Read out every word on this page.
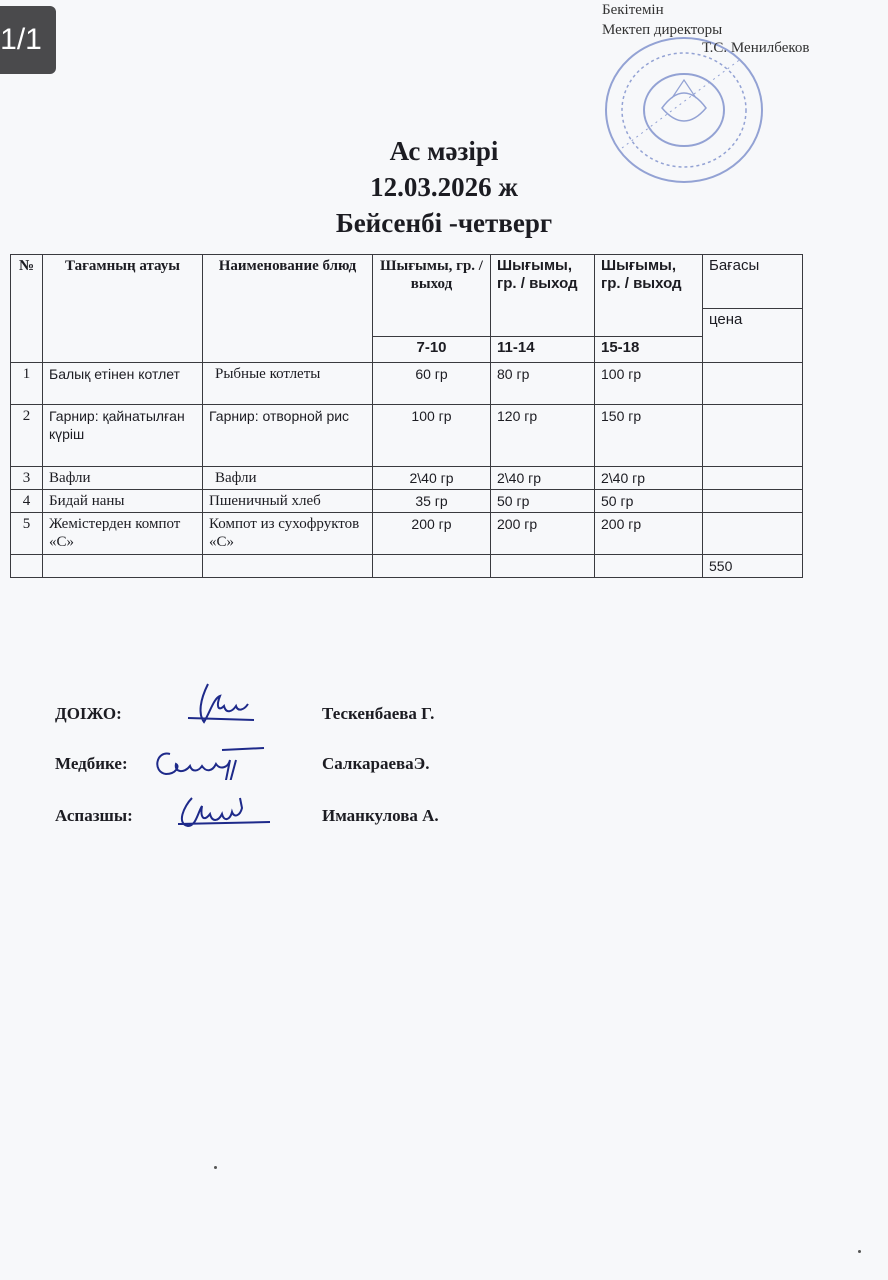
1/1
Бекітемін
Мектеп директоры
Т.С. Менилбеков
Ас мәзірі
12.03.2026 ж
Бейсенбі -четверг
№	Тағамның атауы	Наименование блюд	Шығымы, гр. / выход	Шығымы, гр. / выход	Шығымы, гр. / выход	Бағасы
						цена
			7-10	11-14	15-18	
1	Балық етінен котлет	Рыбные котлеты	60 гр	80 гр	100 гр	
2	Гарнир: қайнатылған күріш	Гарнир: отворной рис	100 гр	120 гр	150 гр	
3	Вафли	Вафли	2\40 гр	2\40 гр	2\40 гр	
4	Бидай наны	Пшеничный хлеб	35 гр	50 гр	50 гр	
5	Жемістерден компот «С»	Компот из сухофруктов «С»	200 гр	200 гр	200 гр	
						550
ДОІЖО:	Тескенбаева Г.
Медбике:	СалкараеваЭ.
Аспазшы:	Иманкулова А.
